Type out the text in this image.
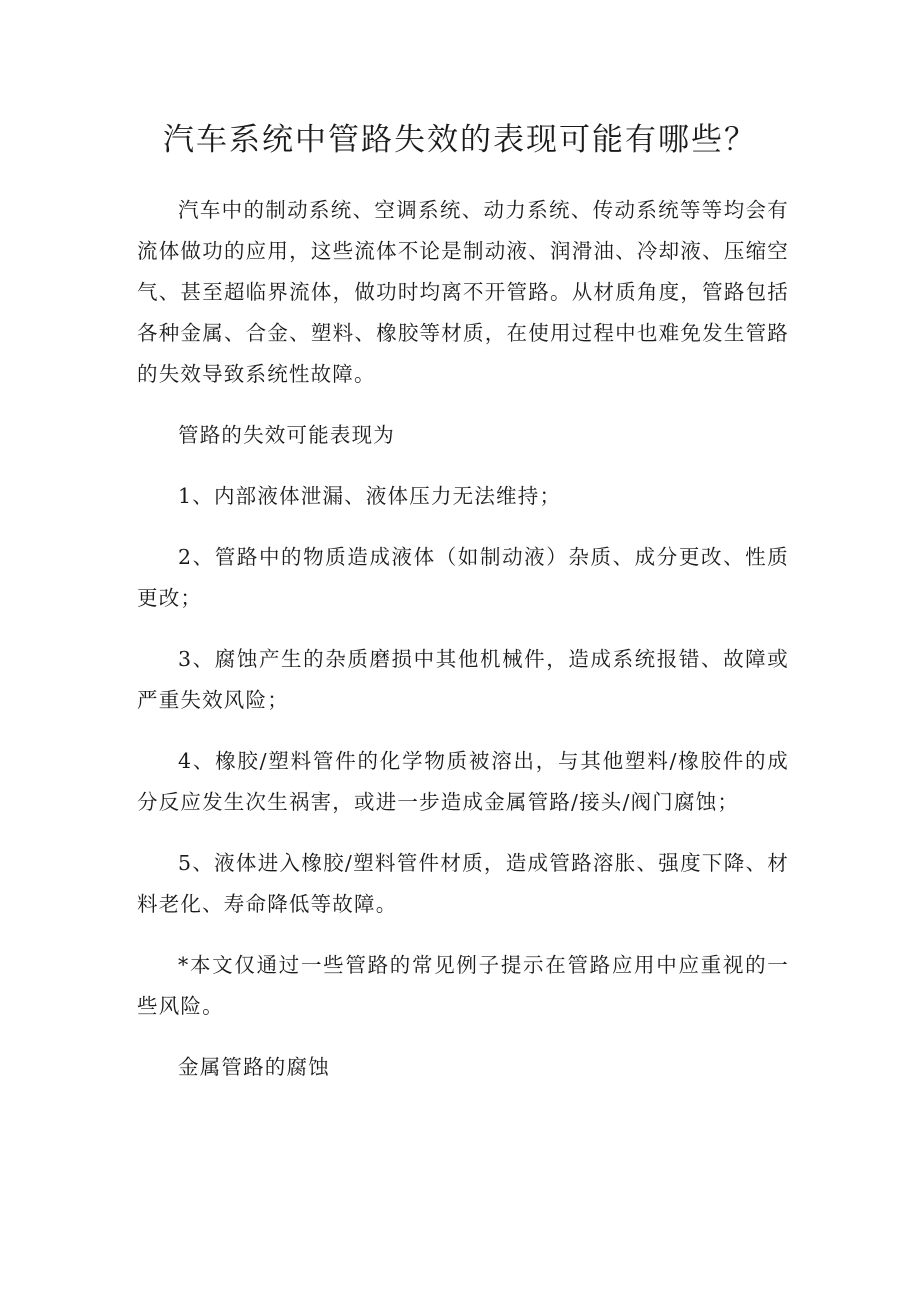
汽车系统中管路失效的表现可能有哪些？

汽车中的制动系统、空调系统、动力系统、传动系统等等均会有流体做功的应用，这些流体不论是制动液、润滑油、冷却液、压缩空气、甚至超临界流体，做功时均离不开管路。从材质角度，管路包括各种金属、合金、塑料、橡胶等材质，在使用过程中也难免发生管路的失效导致系统性故障。

管路的失效可能表现为

1、内部液体泄漏、液体压力无法维持；

2、管路中的物质造成液体（如制动液）杂质、成分更改、性质更改；

3、腐蚀产生的杂质磨损中其他机械件，造成系统报错、故障或严重失效风险；

4、橡胶/塑料管件的化学物质被溶出，与其他塑料/橡胶件的成分反应发生次生祸害，或进一步造成金属管路/接头/阀门腐蚀；

5、液体进入橡胶/塑料管件材质，造成管路溶胀、强度下降、材料老化、寿命降低等故障。

*本文仅通过一些管路的常见例子提示在管路应用中应重视的一些风险。

金属管路的腐蚀
